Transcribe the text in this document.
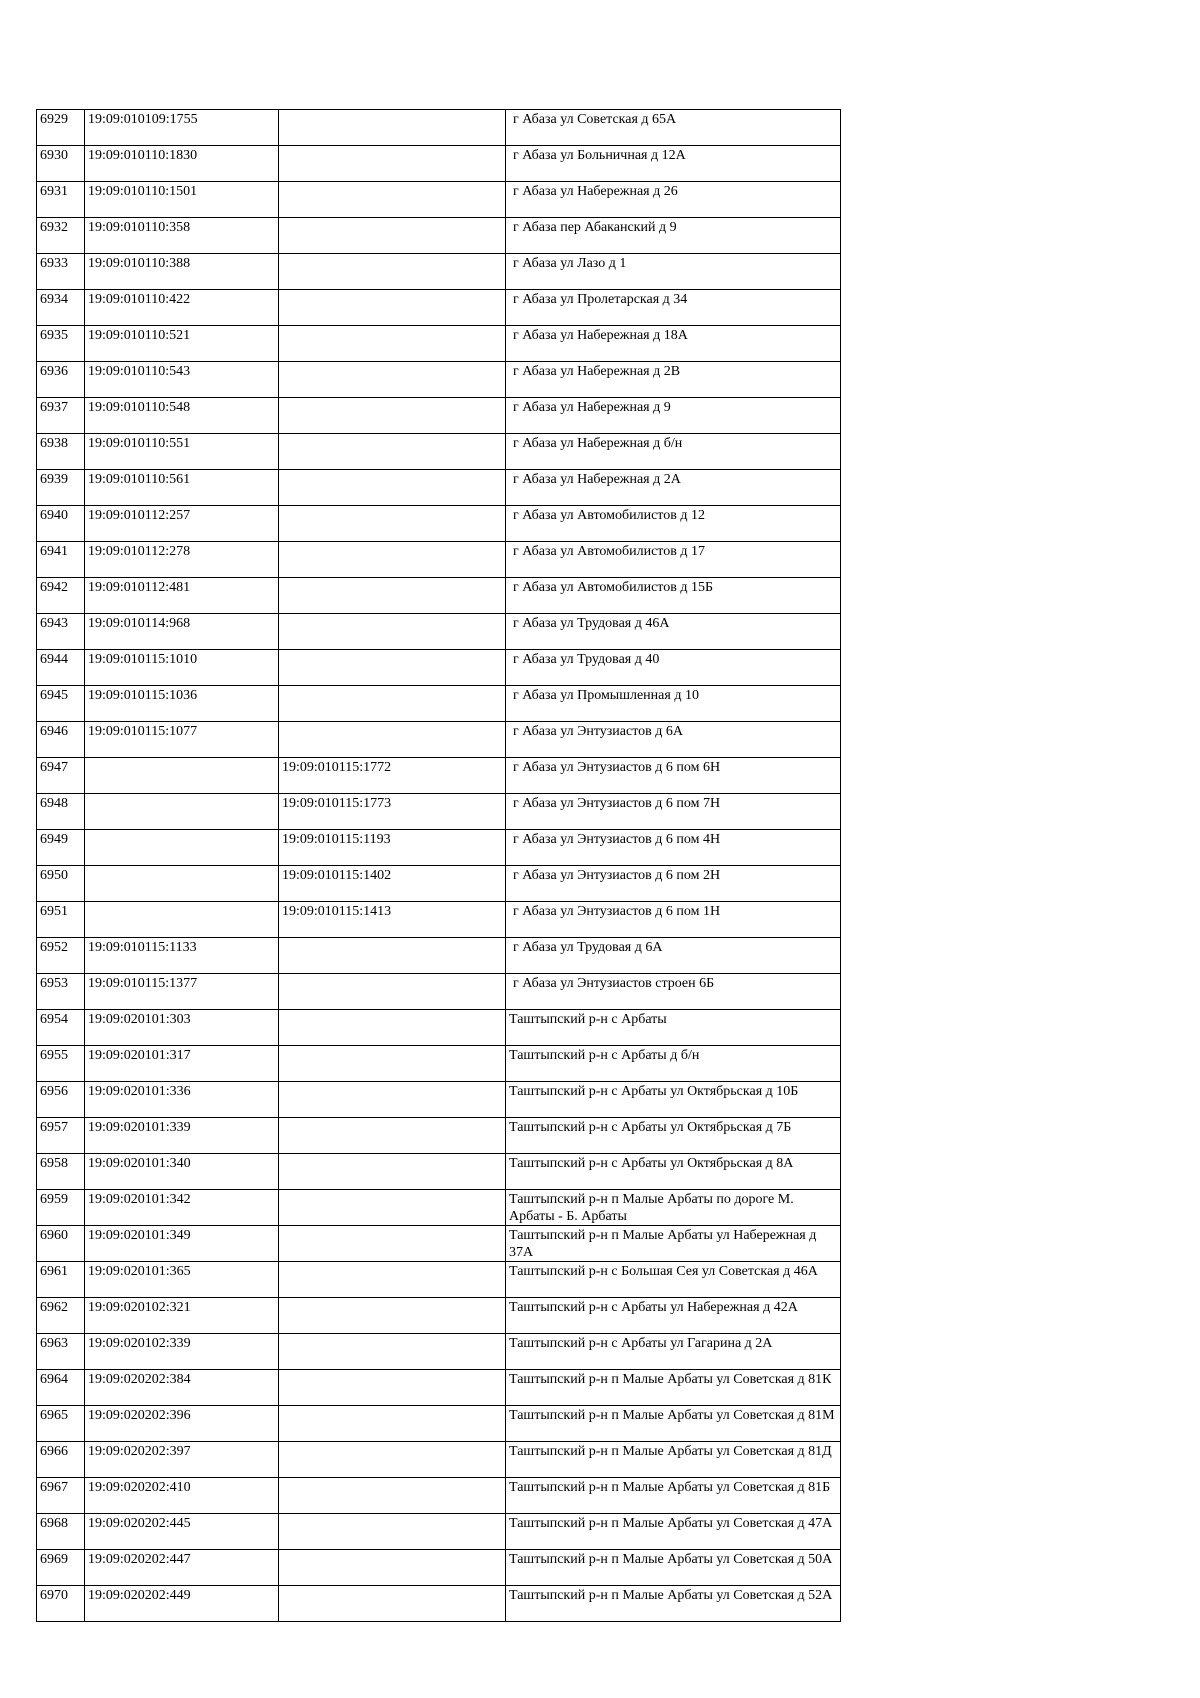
6929	19:09:010109:1755		г Абаза ул Советская д 65А
6930	19:09:010110:1830		г Абаза ул Больничная д 12А
6931	19:09:010110:1501		г Абаза ул Набережная д 26
6932	19:09:010110:358		г Абаза пер Абаканский д 9
6933	19:09:010110:388		г Абаза ул Лазо д 1
6934	19:09:010110:422		г Абаза ул Пролетарская д 34
6935	19:09:010110:521		г Абаза ул Набережная д 18А
6936	19:09:010110:543		г Абаза ул Набережная д 2В
6937	19:09:010110:548		г Абаза ул Набережная д 9
6938	19:09:010110:551		г Абаза ул Набережная д б/н
6939	19:09:010110:561		г Абаза ул Набережная д 2А
6940	19:09:010112:257		г Абаза ул Автомобилистов д 12
6941	19:09:010112:278		г Абаза ул Автомобилистов д 17
6942	19:09:010112:481		г Абаза ул Автомобилистов д 15Б
6943	19:09:010114:968		г Абаза ул Трудовая д 46А
6944	19:09:010115:1010		г Абаза ул Трудовая д 40
6945	19:09:010115:1036		г Абаза ул Промышленная д 10
6946	19:09:010115:1077		г Абаза ул Энтузиастов д 6А
6947		19:09:010115:1772	г Абаза ул Энтузиастов д 6 пом 6Н
6948		19:09:010115:1773	г Абаза ул Энтузиастов д 6 пом 7Н
6949		19:09:010115:1193	г Абаза ул Энтузиастов д 6 пом 4Н
6950		19:09:010115:1402	г Абаза ул Энтузиастов д 6 пом 2Н
6951		19:09:010115:1413	г Абаза ул Энтузиастов д 6 пом 1Н
6952	19:09:010115:1133		г Абаза ул Трудовая д 6А
6953	19:09:010115:1377		г Абаза ул Энтузиастов строен 6Б
6954	19:09:020101:303		Таштыпский р-н с Арбаты
6955	19:09:020101:317		Таштыпский р-н с Арбаты д б/н
6956	19:09:020101:336		Таштыпский р-н с Арбаты ул Октябрьская д 10Б
6957	19:09:020101:339		Таштыпский р-н с Арбаты ул Октябрьская д 7Б
6958	19:09:020101:340		Таштыпский р-н с Арбаты ул Октябрьская д 8А
6959	19:09:020101:342		Таштыпский р-н п Малые Арбаты по дороге М. Арбаты - Б. Арбаты
6960	19:09:020101:349		Таштыпский р-н п Малые Арбаты ул Набережная д 37А
6961	19:09:020101:365		Таштыпский р-н с Большая Сея ул Советская д 46А
6962	19:09:020102:321		Таштыпский р-н с Арбаты ул Набережная д 42А
6963	19:09:020102:339		Таштыпский р-н с Арбаты ул Гагарина д 2А
6964	19:09:020202:384		Таштыпский р-н п Малые Арбаты ул Советская д 81К
6965	19:09:020202:396		Таштыпский р-н п Малые Арбаты ул Советская д 81М
6966	19:09:020202:397		Таштыпский р-н п Малые Арбаты ул Советская д 81Д
6967	19:09:020202:410		Таштыпский р-н п Малые Арбаты ул Советская д 81Б
6968	19:09:020202:445		Таштыпский р-н п Малые Арбаты ул Советская д 47А
6969	19:09:020202:447		Таштыпский р-н п Малые Арбаты ул Советская д 50А
6970	19:09:020202:449		Таштыпский р-н п Малые Арбаты ул Советская д 52А
